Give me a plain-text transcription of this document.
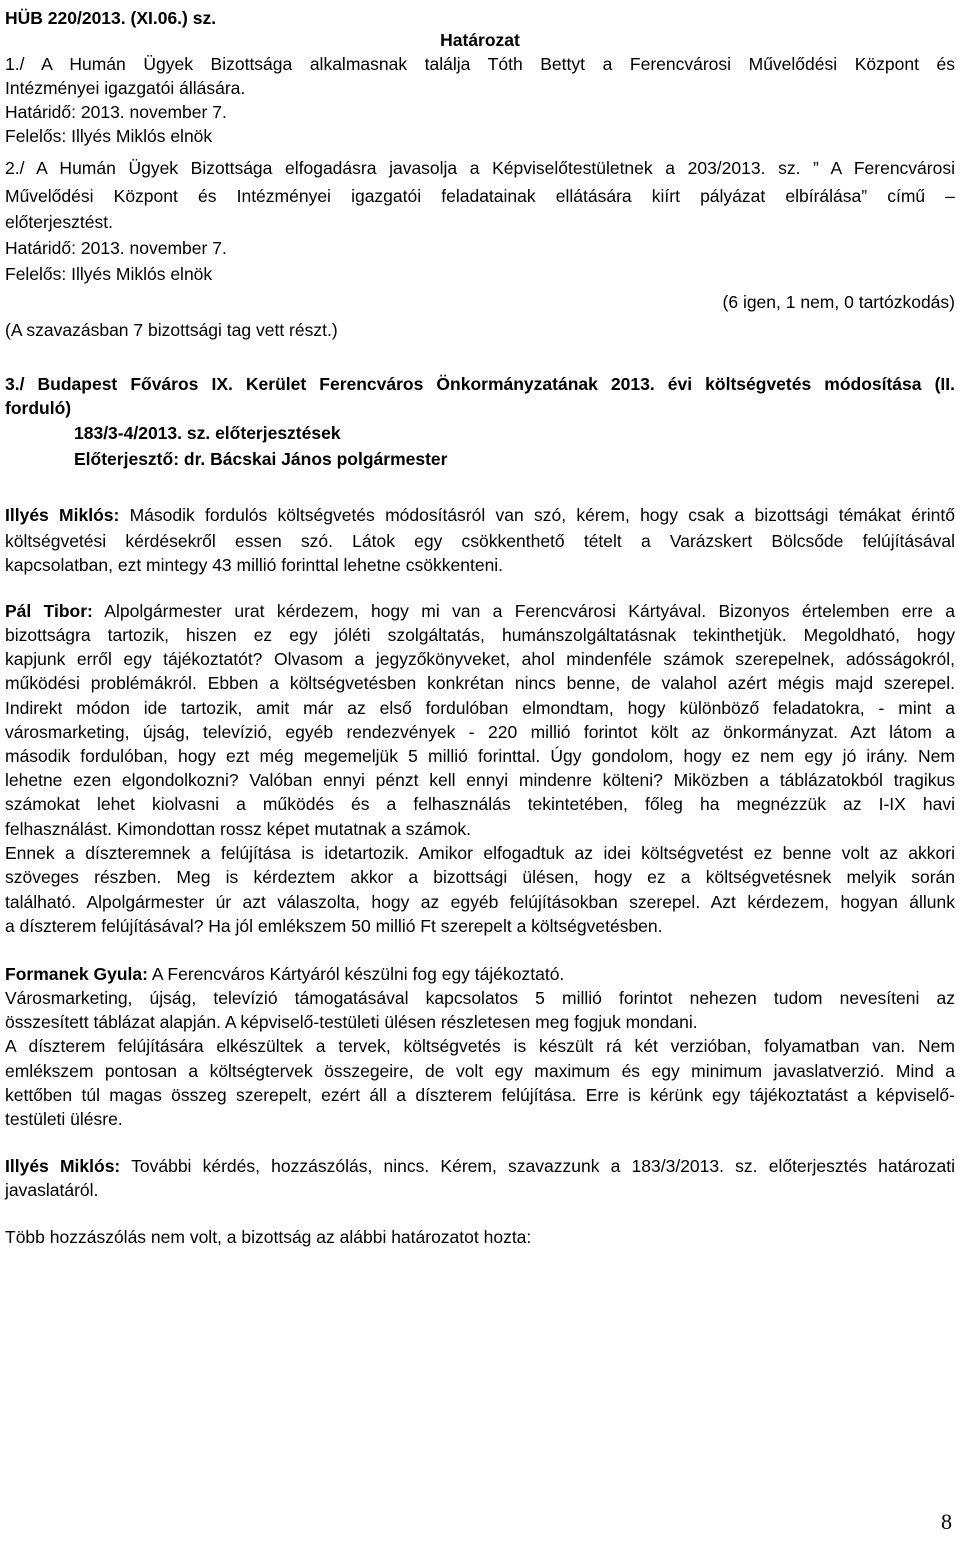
HÜB 220/2013. (XI.06.) sz.
Határozat
1./ A Humán Ügyek Bizottsága alkalmasnak találja Tóth Bettyt a Ferencvárosi Művelődési Központ és
Intézményei igazgatói állására.
Határidő: 2013. november 7.
Felelős: Illyés Miklós elnök
2./ A Humán Ügyek Bizottsága elfogadásra javasolja a Képviselőtestületnek a 203/2013. sz. ” A Ferencvárosi
Művelődési Központ és Intézményei igazgatói feladatainak ellátására kiírt pályázat elbírálása” című –
előterjesztést.
Határidő: 2013. november 7.
Felelős: Illyés Miklós elnök
(6 igen, 1 nem, 0 tartózkodás)
(A szavazásban 7 bizottsági tag vett részt.)
3./ Budapest Főváros IX. Kerület Ferencváros Önkormányzatának 2013. évi költségvetés módosítása (II.
forduló)
183/3-4/2013. sz. előterjesztések
Előterjesztő: dr. Bácskai János polgármester
Illyés Miklós: Második fordulós költségvetés módosításról van szó, kérem, hogy csak a bizottsági témákat érintő
költségvetési kérdésekről essen szó. Látok egy csökkenthető tételt a Varázskert Bölcsőde felújításával
kapcsolatban, ezt mintegy 43 millió forinttal lehetne csökkenteni.
Pál Tibor: Alpolgármester urat kérdezem, hogy mi van a Ferencvárosi Kártyával. Bizonyos értelemben erre a
bizottságra tartozik, hiszen ez egy jóléti szolgáltatás, humánszolgáltatásnak tekinthetjük. Megoldható, hogy
kapjunk erről egy tájékoztatót? Olvasom a jegyzőkönyveket, ahol mindenféle számok szerepelnek, adósságokról,
működési problémákról. Ebben a költségvetésben konkrétan nincs benne, de valahol azért mégis majd szerepel.
Indirekt módon ide tartozik, amit már az első fordulóban elmondtam, hogy különböző feladatokra, - mint a
városmarketing, újság, televízió, egyéb rendezvények - 220 millió forintot költ az önkormányzat. Azt látom a
második fordulóban, hogy ezt még megemeljük 5 millió forinttal. Úgy gondolom, hogy ez nem egy jó irány. Nem
lehetne ezen elgondolkozni? Valóban ennyi pénzt kell ennyi mindenre költeni? Miközben a táblázatokból tragikus
számokat lehet kiolvasni a működés és a felhasználás tekintetében, főleg ha megnézzük az I-IX havi
felhasználást. Kimondottan rossz képet mutatnak a számok.
Ennek a díszteremnek a felújítása is idetartozik. Amikor elfogadtuk az idei költségvetést ez benne volt az akkori
szöveges részben. Meg is kérdeztem akkor a bizottsági ülésen, hogy ez a költségvetésnek melyik során
található. Alpolgármester úr azt válaszolta, hogy az egyéb felújításokban szerepel. Azt kérdezem, hogyan állunk
a díszterem felújításával? Ha jól emlékszem 50 millió Ft szerepelt a költségvetésben.
Formanek Gyula: A Ferencváros Kártyáról készülni fog egy tájékoztató.
Városmarketing, újság, televízió támogatásával kapcsolatos 5 millió forintot nehezen tudom nevesíteni az
összesített táblázat alapján. A képviselő-testületi ülésen részletesen meg fogjuk mondani.
A díszterem felújítására elkészültek a tervek, költségvetés is készült rá két verzióban, folyamatban van. Nem
emlékszem pontosan a költségtervek összegeire, de volt egy maximum és egy minimum javaslatverzió. Mind a
kettőben túl magas összeg szerepelt, ezért áll a díszterem felújítása. Erre is kérünk egy tájékoztatást a képviselő-
testületi ülésre.
Illyés Miklós: További kérdés, hozzászólás, nincs. Kérem, szavazzunk a 183/3/2013. sz. előterjesztés határozati
javaslatáról.
Több hozzászólás nem volt, a bizottság az alábbi határozatot hozta:
8
